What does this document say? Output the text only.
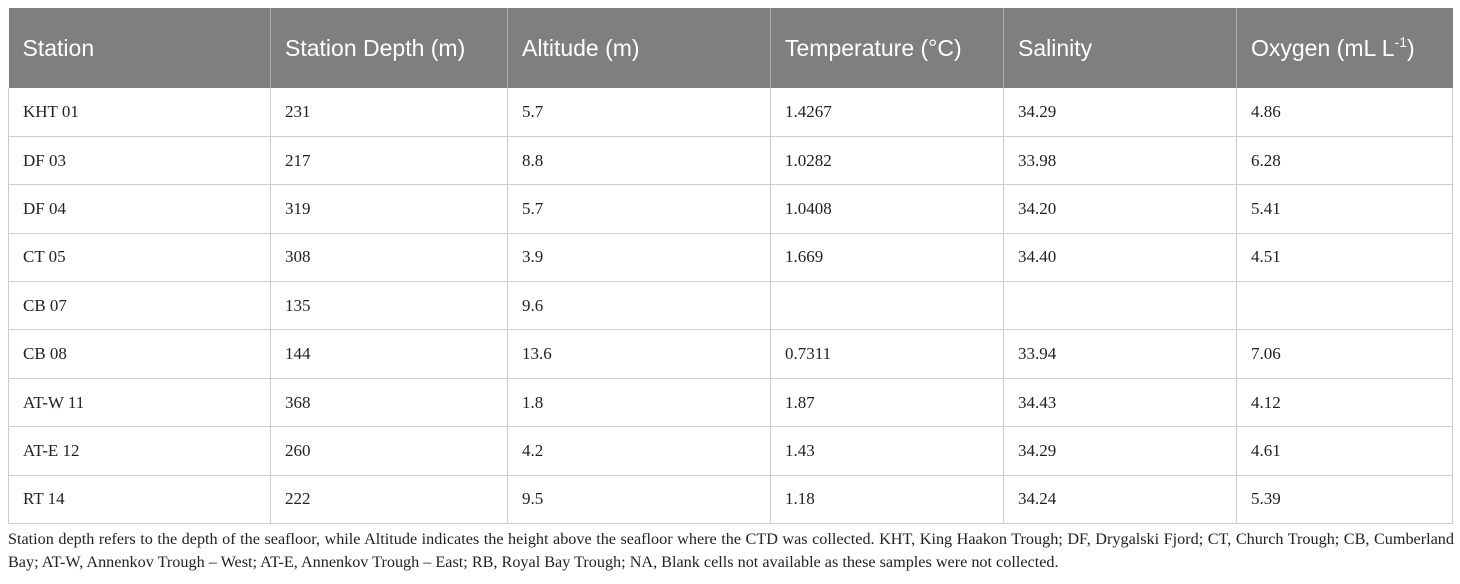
Station	Station Depth (m)	Altitude (m)	Temperature (°C)	Salinity	Oxygen (mL $L^{-1}$)
KHT 01	231	5.7	1.4267	34.29	4.86
DF 03	217	8.8	1.0282	33.98	6.28
DF 04	319	5.7	1.0408	34.20	5.41
CT 05	308	3.9	1.669	34.40	4.51
CB 07	135	9.6			
CB 08	144	13.6	0.7311	33.94	7.06
AT-W 11	368	1.8	1.87	34.43	4.12
AT-E 12	260	4.2	1.43	34.29	4.61
RT 14	222	9.5	1.18	34.24	5.39

Station depth refers to the depth of the seafloor, while Altitude indicates the height above the seafloor where the CTD was collected. KHT, King Haakon Trough; DF, Drygalski Fjord; CT, Church Trough; CB, Cumberland Bay; AT-W, Annenkov Trough – West; AT-E, Annenkov Trough – East; RB, Royal Bay Trough; NA, Blank cells not available as these samples were not collected.
